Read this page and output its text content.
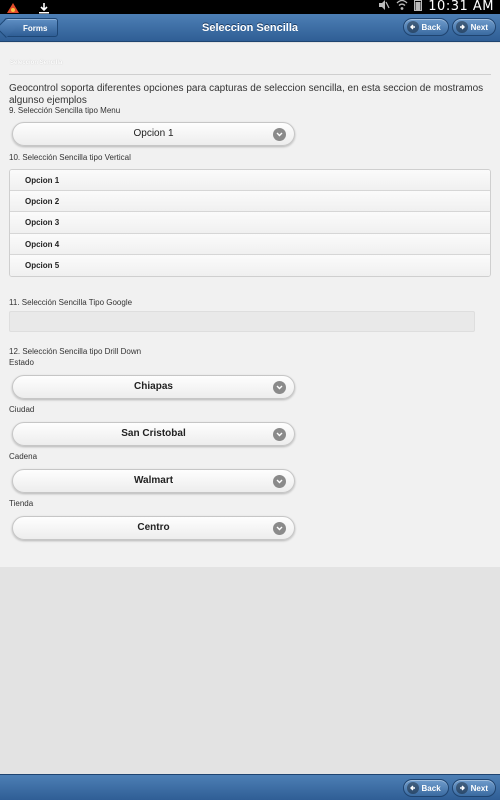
10:31 AM
Forms	Seleccion Sencilla	Back	Next
Seleccion Sencilla
Geocontrol soporta diferentes opciones para capturas de seleccion sencilla, en esta seccion de mostramos algunso ejemplos
9. Selección Sencilla tipo Menu
Opcion 1
10. Selección Sencilla tipo Vertical
Opcion 1
Opcion 2
Opcion 3
Opcion 4
Opcion 5
11. Selección Sencilla Tipo Google
12. Selección Sencilla tipo Drill Down
Estado
Chiapas
Ciudad
San Cristobal
Cadena
Walmart
Tienda
Centro
Back	Next
